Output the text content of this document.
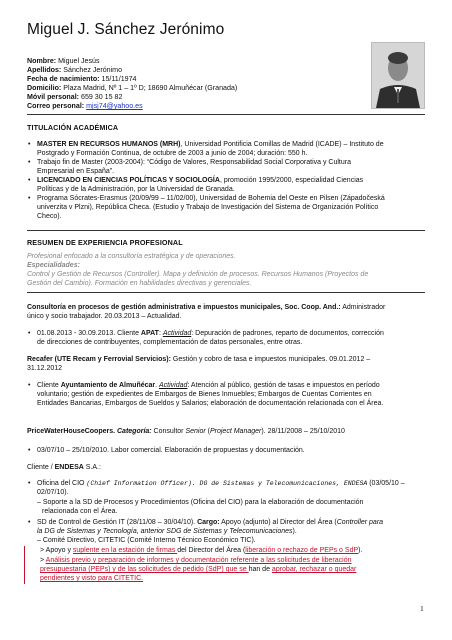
Miguel J. Sánchez Jerónimo
Nombre: Miguel Jesús
Apellidos: Sánchez Jerónimo
Fecha de nacimiento: 15/11/1974
Domicilio: Plaza Madrid, Nº 1 – 1º D; 18690 Almuñécar (Granada)
Móvil personal: 659 30 15 82
Correo personal: mjsj74@yahoo.es
TITULACIÓN ACADÉMICA
• MASTER EN RECURSOS HUMANOS (MRH), Universidad Pontificia Comillas de Madrid (ICADE) – Instituto de
Postgrado y Formación Continua, de octubre de 2003 a junio de 2004; duración: 550 h.
• Trabajo fin de Master (2003-2004): “Código de Valores, Responsabilidad Social Corporativa y Cultura
Empresarial en España”.
• LICENCIADO EN CIENCIAS POLÍTICAS Y SOCIOLOGÍA, promoción 1995/2000, especialidad Ciencias
Políticas y de la Administración, por la Universidad de Granada.
• Programa Sócrates-Erasmus (20/09/99 – 11/02/00), Universidad de Bohemia del Oeste en Pilsen (Západočeská
univerzita v Plzni), República Checa. (Estudio y Trabajo de Investigación del Sistema de Organización Político
Checo).
RESUMEN DE EXPERIENCIA PROFESIONAL
Profesional enfocado a la consultoría estratégica y de operaciones.
Especialidades:
Control y Gestión de Recursos (Controller). Mapa y definición de procesos. Recursos Humanos (Proyectos de
Gestión del Cambio). Formación en habilidades directivas y gerenciales.
Consultoría en procesos de gestión administrativa e impuestos municipales, Soc. Coop. And.: Administrador
único y socio trabajador. 20.03.2013 – Actualidad.
• 01.08.2013 - 30.09.2013. Cliente APAT: Actividad: Depuración de padrones, reparto de documentos, corrección
de direcciones de contribuyentes, complementación de datos personales, entre otras.
Recafer (UTE Recam y Ferrovial Servicios): Gestión y cobro de tasa e impuestos municipales. 09.01.2012 –
31.12.2012
• Cliente Ayuntamiento de Almuñécar. Actividad: Atención al público, gestión de tasas e impuestos en período
voluntario; gestión de expedientes de Embargos de Bienes Inmuebles; Embargos de Cuentas Corrientes en
Entidades Bancarias, Embargos de Sueldos y Salarios; elaboración de documentación relacionada con el Área.
PriceWaterHouseCoopers. Categoría: Consultor Senior (Project Manager). 28/11/2008 – 25/10/2010
• 03/07/10 – 25/10/2010. Labor comercial. Elaboración de propuestas y documentación.
Cliente / ENDESA S.A.:
• Oficina del CIO (Chief Information Officer). DG de Sistemas y Telecomunicaciones, ENDESA (03/05/10 –
02/07/10).
– Soporte a la SD de Procesos y Procedimientos (Oficina del CIO) para la elaboración de documentación
relacionada con el Área.
• SD de Control de Gestión IT (28/11/08 – 30/04/10). Cargo: Apoyo (adjunto) al Director del Área (Controller para
la DG de Sistemas y Tecnología, anterior SDG de Sistemas y Telecomunicaciones).
– Comité Directivo, CITETIC (Comité Interno Técnico Económico TIC).
> Apoyo y suplente en la estación de firmas del Director del Área (liberación o rechazo de PEPs o SdP).
> Análisis previo y preparación de informes y documentación referente a las solicitudes de liberación
presupuestaria (PEPs) y de las solicitudes de pedido (SdP) que se han de aprobar, rechazar o quedar
pendientes y visto para CITETIC.
1
